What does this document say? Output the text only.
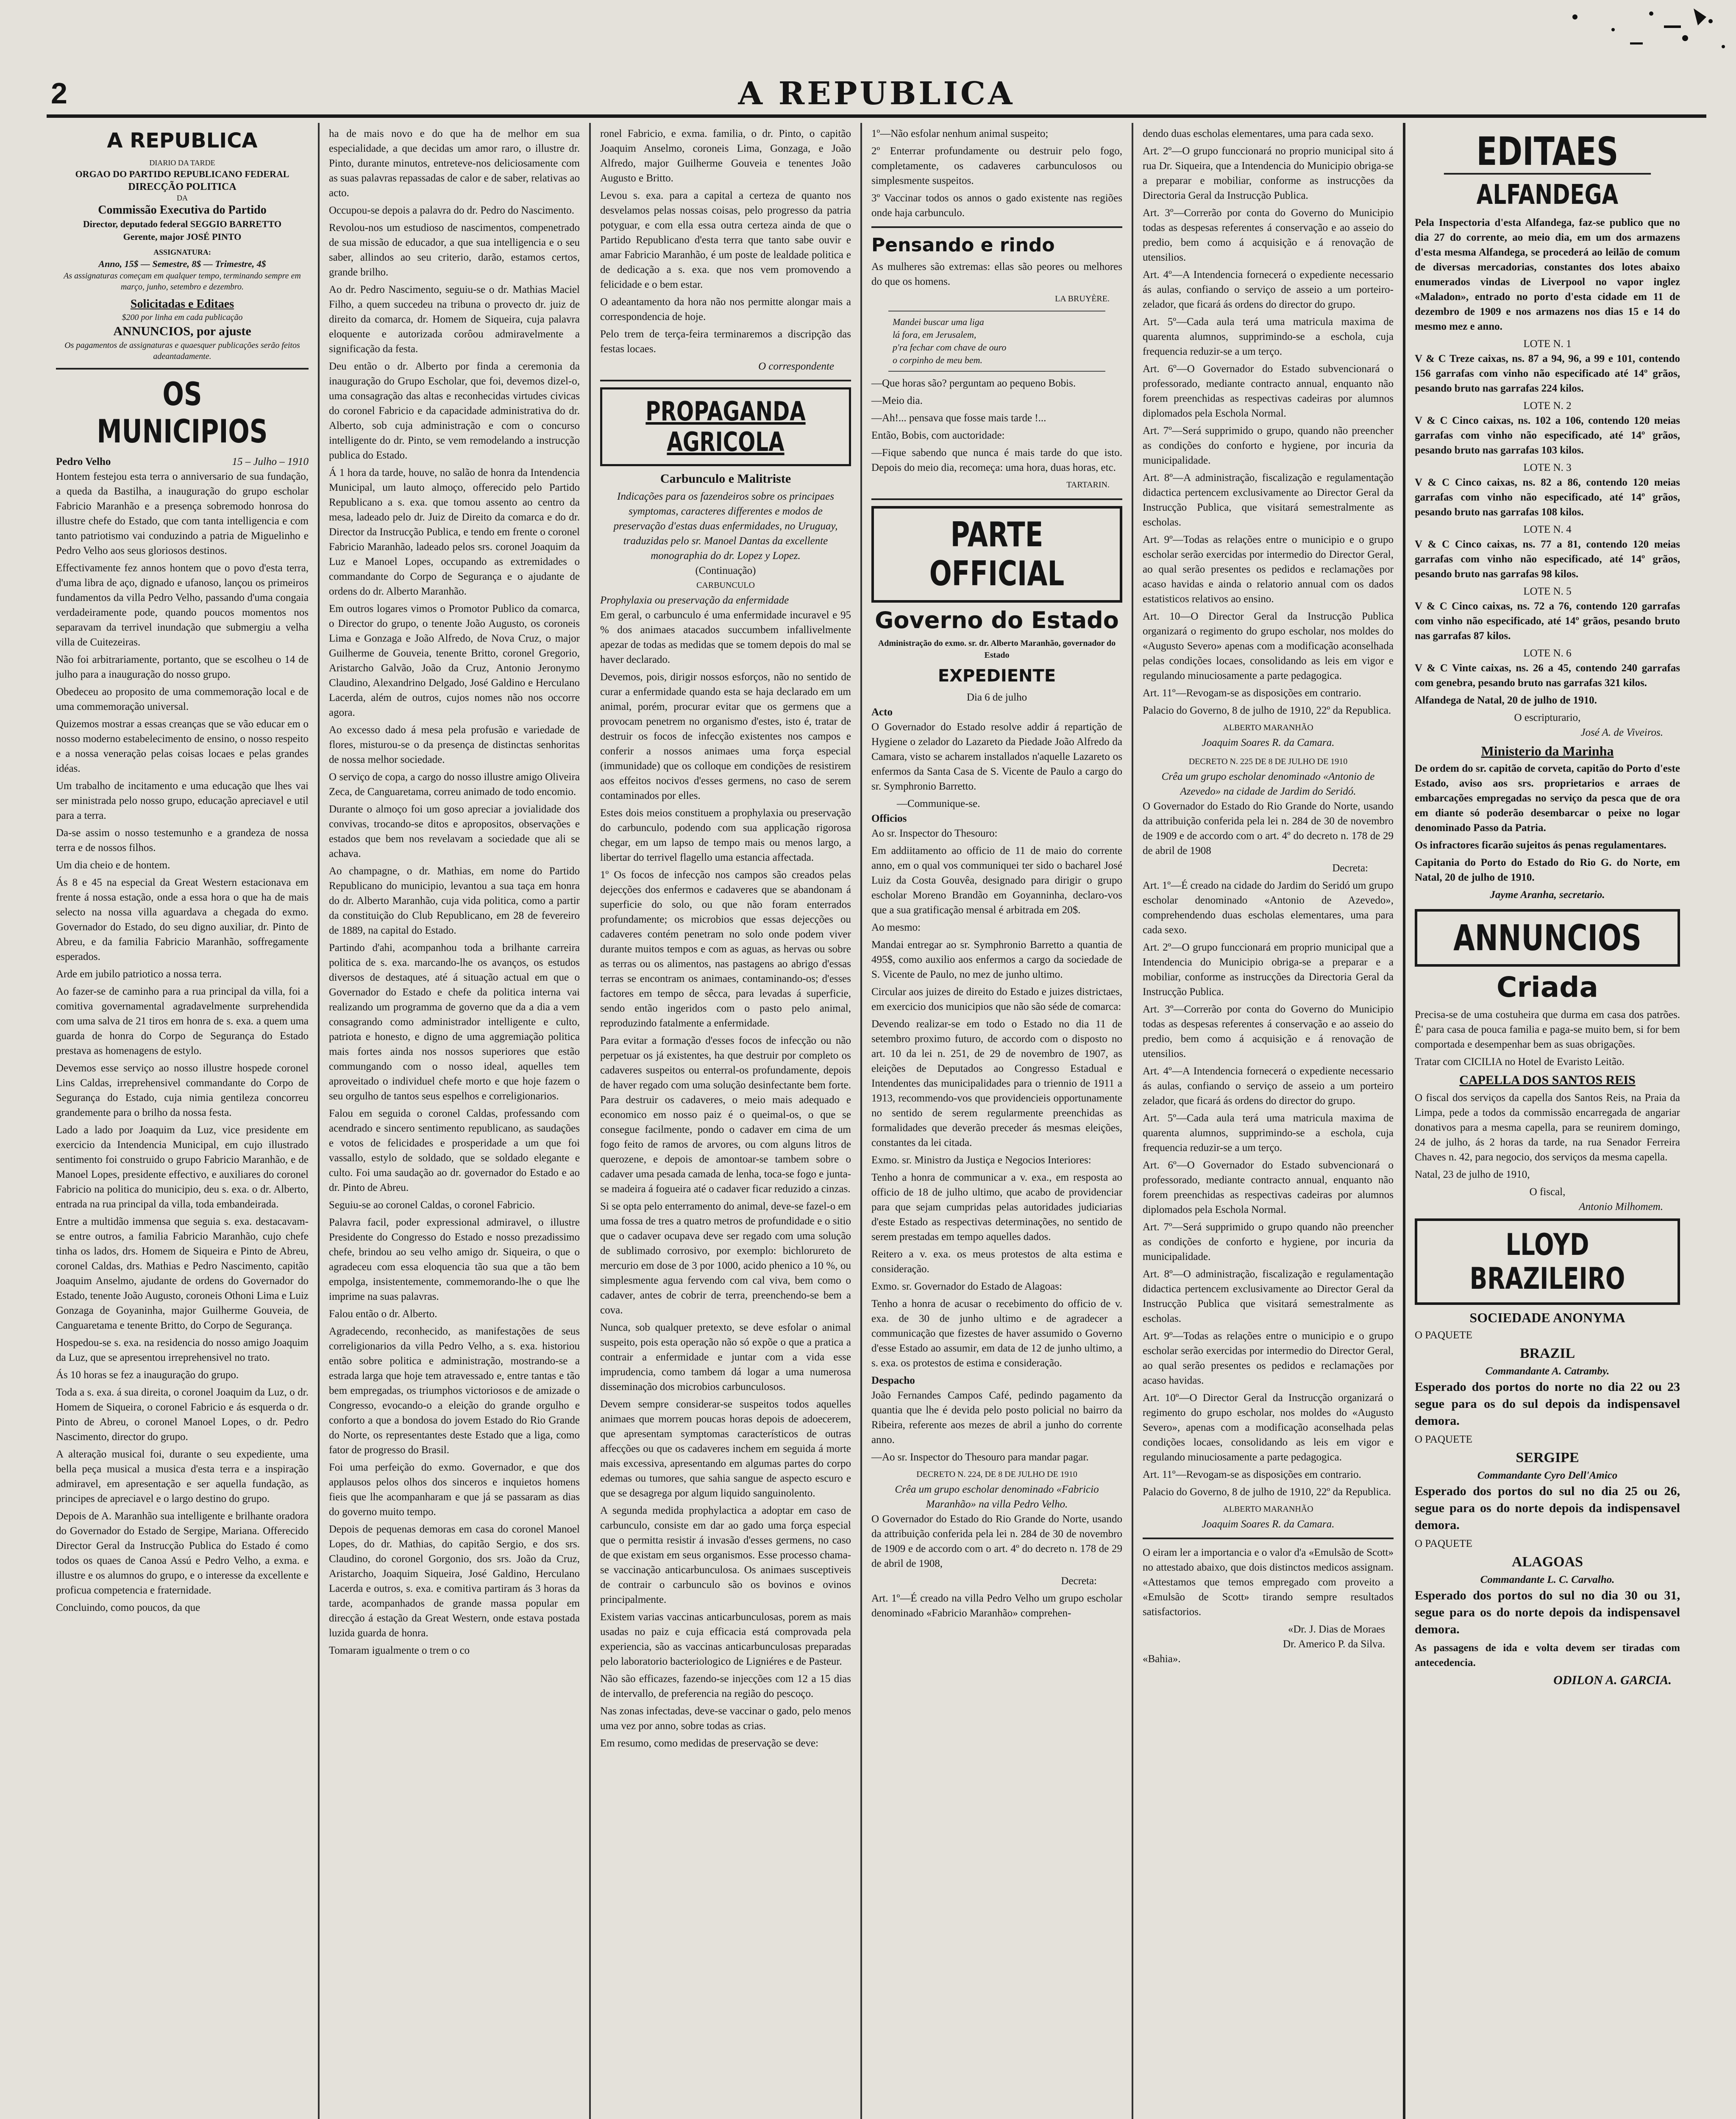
2	A REPUBLICA
A REPUBLICA
DIARIO DA TARDE
ORGAO DO PARTIDO REPUBLICANO FEDERAL
DIRECÇÃO POLITICA
DA
Commissão Executiva do Partido
Director, deputado federal SEGGIO BARRETTO
Gerente, major JOSÉ PINTO
ASSIGNATURA:
Anno, 15$ — Semestre, 8$ — Trimestre, 4$
As assignaturas começam em qualquer tempo, terminando sempre em março, junho, setembro e dezembro.
Solicitadas e Editaes
$200 por linha em cada publicação
ANNUNCIOS, por ajuste
Os pagamentos de assignaturas e quaesquer publicações serão feitos adeantadamente.
OS MUNICIPIOS
Pedro Velho	15 – Julho – 1910

Hontem festejou esta terra o anniversario de sua fundação, a queda da Bastilha, a inauguração do grupo escholar Fabricio Maranhão e a presença sobremodo honrosa do illustre chefe do Estado, que com tanta intelligencia e com tanto patriotismo vai conduzindo a patria de Miguelinho e Pedro Velho aos seus gloriosos destinos.

Effectivamente fez annos hontem que o povo d'esta terra, d'uma libra de aço, dignado e ufanoso, lançou os primeiros fundamentos da villa Pedro Velho, passando d'uma congaia verdadeiramente pode, quando poucos momentos nos separavam da terrivel inundação que submergiu a velha villa de Cuitezeiras.

Não foi arbitrariamente, portanto, que se escolheu o 14 de julho para a inauguração do nosso grupo.

Obedeceu ao proposito de uma commemoração local e de uma commemoração universal.

Quizemos mostrar a essas creanças que se vão educar em o nosso moderno estabelecimento de ensino, o nosso respeito e a nossa veneração pelas coisas locaes e pelas grandes idéas.

Um trabalho de incitamento e uma educação que lhes vai ser ministrada pelo nosso grupo, educação apreciavel e util para a terra.

Da-se assim o nosso testemunho e a grandeza de nossa terra e de nossos filhos.

Um dia cheio e de hontem.

Ás 8 e 45 na especial da Great Western estacionava em frente á nossa estação, onde a essa hora o que ha de mais selecto na nossa villa aguardava a chegada do exmo. Governador do Estado, do seu digno auxiliar, dr. Pinto de Abreu, e da familia Fabricio Maranhão, soffregamente esperados.

Arde em jubilo patriotico a nossa terra.

Ao fazer-se de caminho para a rua principal da villa, foi a comitiva governamental agradavelmente surprehendida com uma salva de 21 tiros em honra de s. exa. a quem uma guarda de honra do Corpo de Segurança do Estado prestava as homenagens de estylo.

Devemos esse serviço ao nosso illustre hospede coronel Lins Caldas, irreprehensivel commandante do Corpo de Segurança do Estado, cuja nimia gentileza concorreu grandemente para o brilho da nossa festa.

Lado a lado por Joaquim da Luz, vice presidente em exercicio da Intendencia Municipal, em cujo illustrado sentimento foi construido o grupo Fabricio Maranhão, e de Manoel Lopes, presidente effectivo, e auxiliares do coronel Fabricio na politica do municipio, deu s. exa. o dr. Alberto, entrada na rua principal da villa, toda embandeirada.

Entre a multidão immensa que seguia s. exa. destacavam-se entre outros, a familia Fabricio Maranhão, cujo chefe tinha os lados, drs. Homem de Siqueira e Pinto de Abreu, coronel Caldas, drs. Mathias e Pedro Nascimento, capitão Joaquim Anselmo, ajudante de ordens do Governador do Estado, tenente João Augusto, coroneis Othoni Lima e Luiz Gonzaga de Goyaninha, major Guilherme Gouveia, de Canguaretama e tenente Britto, do Corpo de Segurança.

Hospedou-se s. exa. na residencia do nosso amigo Joaquim da Luz, que se apresentou irreprehensivel no trato.

Ás 10 horas se fez a inauguração do grupo.

Toda a s. exa. á sua direita, o coronel Joaquim da Luz, o dr. Homem de Siqueira, o coronel Fabricio e ás esquerda o dr. Pinto de Abreu, o coronel Manoel Lopes, o dr. Pedro Nascimento, director do grupo.

A alteração musical foi, durante o seu expediente, uma bella peça musical a musica d'esta terra e a inspiração admiravel, em apresentação e ser aquella fundação, as principes de apreciavel e o largo destino do grupo.

Depois de A. Maranhão sua intelligente e brilhante oradora do Governador do Estado de Sergipe, Mariana. Offerecido Director Geral da Instrucção Publica do Estado é como todos os quaes de Canoa Assú e Pedro Velho, a exma. e illustre e os alumnos do grupo, e o interesse da excellente e proficua competencia e fraternidade.

Concluindo, como poucos, da que

ha de mais novo e do que ha de melhor em sua especialidade, a que decidas um amor raro, o illustre dr. Pinto, durante minutos, entreteve-nos deliciosamente com as suas palavras repassadas de calor e de saber, relativas ao acto.

Occupou-se depois a palavra do dr. Pedro do Nascimento.

Revolou-nos um estudioso de nascimentos, compenetrado de sua missão de educador, a que sua intelligencia e o seu saber, allindos ao seu criterio, darão, estamos certos, grande brilho.

Ao dr. Pedro Nascimento, seguiu-se o dr. Mathias Maciel Filho, a quem succedeu na tribuna o provecto dr. juiz de direito da comarca, dr. Homem de Siqueira, cuja palavra eloquente e autorizada corôou admiravelmente a significação da festa.

Deu então o dr. Alberto por finda a ceremonia da inauguração do Grupo Escholar, que foi, devemos dizel-o, uma consagração das altas e reconhecidas virtudes civicas do coronel Fabricio e da capacidade administrativa do dr. Alberto, sob cuja administração e com o concurso intelligente do dr. Pinto, se vem remodelando a instrucção publica do Estado.

Á 1 hora da tarde, houve, no salão de honra da Intendencia Municipal, um lauto almoço, offerecido pelo Partido Republicano a s. exa. que tomou assento ao centro da mesa, ladeado pelo dr. Juiz de Direito da comarca e do dr. Director da Instrucção Publica, e tendo em frente o coronel Fabricio Maranhão, ladeado pelos srs. coronel Joaquim da Luz e Manoel Lopes, occupando as extremidades o commandante do Corpo de Segurança e o ajudante de ordens do dr. Alberto Maranhão.

Em outros logares vimos o Promotor Publico da comarca, o Director do grupo, o tenente João Augusto, os coroneis Lima e Gonzaga e João Alfredo, de Nova Cruz, o major Guilherme de Gouveia, tenente Britto, coronel Gregorio, Aristarcho Galvão, João da Cruz, Antonio Jeronymo Claudino, Alexandrino Delgado, José Galdino e Herculano Lacerda, além de outros, cujos nomes não nos occorre agora.

Ao excesso dado á mesa pela profusão e variedade de flores, misturou-se o da presença de distinctas senhoritas de nossa melhor sociedade.

O serviço de copa, a cargo do nosso illustre amigo Oliveira Zeca, de Canguaretama, correu animado de todo encomio.

Durante o almoço foi um goso apreciar a jovialidade dos convivas, trocando-se ditos e apropositos, observações e estados que bem nos revelavam a sociedade que ali se achava.

Ao champagne, o dr. Mathias, em nome do Partido Republicano do municipio, levantou a sua taça em honra do dr. Alberto Maranhão, cuja vida politica, como a partir da constituição do Club Republicano, em 28 de fevereiro de 1889, na capital do Estado.

Partindo d'ahi, acompanhou toda a brilhante carreira politica de s. exa. marcando-lhe os avanços, os estudos diversos de destaques, até á situação actual em que o Governador do Estado e chefe da politica interna vai realizando um programma de governo que da a dia a vem consagrando como administrador intelligente e culto, patriota e honesto, e digno de uma aggremiação politica mais fortes ainda nos nossos superiores que estão commungando com o nosso ideal, aquelles tem aproveitado o individuel chefe morto e que hoje fazem o seu orgulho de tantos seus espelhos e correligionarios.

Falou em seguida o coronel Caldas, professando com acendrado e sincero sentimento republicano, as saudações e votos de felicidades e prosperidade a um que foi vassallo, estylo de soldado, que se soldado elegante e culto. Foi uma saudação ao dr. governador do Estado e ao dr. Pinto de Abreu.

Seguiu-se ao coronel Caldas, o coronel Fabricio.

Palavra facil, poder expressional admiravel, o illustre Presidente do Congresso do Estado e nosso prezadissimo chefe, brindou ao seu velho amigo dr. Siqueira, o que o agradeceu com essa eloquencia tão sua que a tão bem empolga, insistentemente, commemorando-lhe o que lhe imprime na suas palavras.

Falou então o dr. Alberto.

Agradecendo, reconhecido, as manifestações de seus correligionarios da villa Pedro Velho, a s. exa. historiou então sobre politica e administração, mostrando-se a estrada larga que hoje tem atravessado e, entre tantas e tão bem empregadas, os triumphos victoriosos e de amizade o Congresso, evocando-o a eleição do grande orgulho e conforto a que a bondosa do jovem Estado do Rio Grande do Norte, os representantes deste Estado que a liga, como fator de progresso do Brasil.

Foi uma perfeição do exmo. Governador, e que dos applausos pelos olhos dos sinceros e inquietos homens fieis que lhe acompanharam e que já se passaram as dias do governo muito tempo.

Depois de pequenas demoras em casa do coronel Manoel Lopes, do dr. Mathias, do capitão Sergio, e dos srs. Claudino, do coronel Gorgonio, dos srs. João da Cruz, Aristarcho, Joaquim Siqueira, José Galdino, Herculano Lacerda e outros, s. exa. e comitiva partiram ás 3 horas da tarde, acompanhados de grande massa popular em direcção á estação da Great Western, onde estava postada luzida guarda de honra.

Tomaram igualmente o trem o co

ronel Fabricio, e exma. familia, o dr. Pinto, o capitão Joaquim Anselmo, coroneis Lima, Gonzaga, e João Alfredo, major Guilherme Gouveia e tenentes João Augusto e Britto.

Levou s. exa. para a capital a certeza de quanto nos desvelamos pelas nossas coisas, pelo progresso da patria potyguar, e com ella essa outra certeza ainda de que o Partido Republicano d'esta terra que tanto sabe ouvir e amar Fabricio Maranhão, é um poste de lealdade politica e de dedicação a s. exa. que nos vem promovendo a felicidade e o bem estar.

O adeantamento da hora não nos permitte alongar mais a correspondencia de hoje.

Pelo trem de terça-feira terminaremos a discripção das festas locaes.

O correspondente
PROPAGANDA AGRICOLA
Carbunculo e Malitriste
Indicações para os fazendeiros sobre os principaes symptomas, caracteres differentes e modos de preservação d'estas duas enfermidades, no Uruguay, traduzidas pelo sr. Manoel Dantas da excellente monographia do dr. Lopez y Lopez.
(Continuação)
CARBUNCULO
Prophylaxia ou preservação da enfermidade

Em geral, o carbunculo é uma enfermidade incuravel e 95 % dos animaes atacados succumbem infallivelmente apezar de todas as medidas que se tomem depois do mal se haver declarado.

Devemos, pois, dirigir nossos esforços, não no sentido de curar a enfermidade quando esta se haja declarado em um animal, porém, procurar evitar que os germens que a provocam penetrem no organismo d'estes, isto é, tratar de destruir os focos de infecção existentes nos campos e conferir a nossos animaes uma força especial (immunidade) que os colloque em condições de resistirem aos effeitos nocivos d'esses germens, no caso de serem contaminados por elles.

Estes dois meios constituem a prophylaxia ou preservação do carbunculo, podendo com sua applicação rigorosa chegar, em um lapso de tempo mais ou menos largo, a libertar do terrivel flagello uma estancia affectada.

1º Os focos de infecção nos campos são creados pelas dejecções dos enfermos e cadaveres que se abandonam á superficie do solo, ou que não foram enterrados profundamente; os microbios que essas dejecções ou cadaveres contém penetram no solo onde podem viver durante muitos tempos e com as aguas, as hervas ou sobre as terras ou os alimentos, nas pastagens ao abrigo d'essas terras se encontram os animaes, contaminando-os; d'esses factores em tempo de sêcca, para levadas á superficie, sendo então ingeridos com o pasto pelo animal, reproduzindo fatalmente a enfermidade.

Para evitar a formação d'esses focos de infecção ou não perpetuar os já existentes, ha que destruir por completo os cadaveres suspeitos ou enterral-os profundamente, depois de haver regado com uma solução desinfectante bem forte. Para destruir os cadaveres, o meio mais adequado e economico em nosso paiz é o queimal-os, o que se consegue facilmente, pondo o cadaver em cima de um fogo feito de ramos de arvores, ou com alguns litros de querozene, e depois de amontoar-se tambem sobre o cadaver uma pesada camada de lenha, toca-se fogo e junta-se madeira á fogueira até o cadaver ficar reduzido a cinzas.

Si se opta pelo enterramento do animal, deve-se fazel-o em uma fossa de tres a quatro metros de profundidade e o sitio que o cadaver ocupava deve ser regado com uma solução de sublimado corrosivo, por exemplo: bichlorureto de mercurio em dose de 3 por 1000, acido phenico a 10 %, ou simplesmente agua fervendo com cal viva, bem como o cadaver, antes de cobrir de terra, preenchendo-se bem a cova.

Nunca, sob qualquer pretexto, se deve esfolar o animal suspeito, pois esta operação não só expõe o que a pratica a contrair a enfermidade e juntar com a vida esse imprudencia, como tambem dá logar a uma numerosa disseminação dos microbios carbunculosos.

Devem sempre considerar-se suspeitos todos aquelles animaes que morrem poucas horas depois de adoecerem, que apresentam symptomas característicos de outras affecções ou que os cadaveres inchem em seguida á morte mais excessiva, apresentando em algumas partes do corpo edemas ou tumores, que sahia sangue de aspecto escuro e que se desagrega por algum liquido sanguinolento.

A segunda medida prophylactica a adoptar em caso de carbunculo, consiste em dar ao gado uma força especial que o permitta resistir á invasão d'esses germens, no caso de que existam em seus organismos. Esse processo chama-se vaccinação anticarbunculosa. Os animaes susceptiveis de contrair o carbunculo são os bovinos e ovinos principalmente.

Existem varias vaccinas anticarbunculosas, porem as mais usadas no paiz e cuja efficacia está comprovada pela experiencia, são as vaccinas anticarbunculosas preparadas pelo laboratorio bacteriologico de Ligniéres e de Pasteur.

Não são efficazes, fazendo-se injecções com 12 a 15 dias de intervallo, de preferencia na região do pescoço.

Nas zonas infectadas, deve-se vaccinar o gado, pelo menos uma vez por anno, sobre todas as crias.

Em resumo, como medidas de preservação se deve:

1º—Não esfolar nenhum animal suspeito;

2º Enterrar profundamente ou destruir pelo fogo, completamente, os cadaveres carbunculosos ou simplesmente suspeitos.

3º Vaccinar todos os annos o gado existente nas regiões onde haja carbunculo.

Pensando e rindo

As mulheres são extremas: ellas são peores ou melhores do que os homens.

LA BRUYÈRE.

Mandei buscar uma liga
lá fora, em Jerusalem,
p'ra fechar com chave de ouro
o corpinho de meu bem.

—Que horas são? perguntam ao pequeno Bobis.

—Meio dia.

—Ah!... pensava que fosse mais tarde !...

Então, Bobis, com auctoridade:

—Fique sabendo que nunca é mais tarde do que isto. Depois do meio dia, recomeça: uma hora, duas horas, etc.

TARTARIN.
PARTE OFFICIAL
Governo do Estado
Administração do exmo. sr. dr. Alberto Maranhão, governador do Estado
EXPEDIENTE
Dia 6 de julho
Acto

O Governador do Estado resolve addir á repartição de Hygiene o zelador do Lazareto da Piedade João Alfredo da Camara, visto se acharem installados n'aquelle Lazareto os enfermos da Santa Casa de S. Vicente de Paulo a cargo do sr. Symphronio Barretto.

—Communique-se.
Officios

Ao sr. Inspector do Thesouro:

Em addiitamento ao officio de 11 de maio do corrente anno, em o qual vos communiquei ter sido o bacharel José Luiz da Costa Gouvêa, designado para dirigir o grupo escholar Moreno Brandão em Goyanninha, declaro-vos que a sua gratificação mensal é arbitrada em 20$.

Ao mesmo:

Mandai entregar ao sr. Symphronio Barretto a quantia de 495$, como auxilio aos enfermos a cargo da sociedade de S. Vicente de Paulo, no mez de junho ultimo.

Circular aos juizes de direito do Estado e juizes districtaes, em exercicio dos municipios que não são séde de comarca:

Devendo realizar-se em todo o Estado no dia 11 de setembro proximo futuro, de accordo com o disposto no art. 10 da lei n. 251, de 29 de novembro de 1907, as eleições de Deputados ao Congresso Estadual e Intendentes das municipalidades para o triennio de 1911 a 1913, recommendo-vos que providencieis opportunamente no sentido de serem regularmente preenchidas as formalidades que deverão preceder ás mesmas eleições, constantes da lei citada.

Exmo. sr. Ministro da Justiça e Negocios Interiores:

Tenho a honra de communicar a v. exa., em resposta ao officio de 18 de julho ultimo, que acabo de providenciar para que sejam cumpridas pelas autoridades judiciarias d'este Estado as respectivas determinações, no sentido de serem prestadas em tempo aquelles dados.

Reitero a v. exa. os meus protestos de alta estima e consideração.

Exmo. sr. Governador do Estado de Alagoas:

Tenho a honra de acusar o recebimento do officio de v. exa. de 30 de junho ultimo e de agradecer a communicação que fizestes de haver assumido o Governo d'esse Estado ao assumir, em data de 12 de junho ultimo, a s. exa. os protestos de estima e consideração.

Despacho

João Fernandes Campos Café, pedindo pagamento da quantia que lhe é devida pelo posto policial no bairro da Ribeira, referente aos mezes de abril a junho do corrente anno.

—Ao sr. Inspector do Thesouro para mandar pagar.

DECRETO N. 224, DE 8 DE JULHO DE 1910
Crêa um grupo escholar denominado «Fabricio Maranhão» na villa Pedro Velho.

O Governador do Estado do Rio Grande do Norte, usando da attribuição conferida pela lei n. 284 de 30 de novembro de 1909 e de accordo com o art. 4º do decreto n. 178 de 29 de abril de 1908,

Decreta:

Art. 1º—É creado na villa Pedro Velho um grupo escholar denominado «Fabricio Maranhão» comprehen-

dendo duas escholas elementares, uma para cada sexo.

Art. 2º—O grupo funccionará no proprio municipal sito á rua Dr. Siqueira, que a Intendencia do Municipio obriga-se a preparar e mobiliar, conforme as instrucções da Directoria Geral da Instrucção Publica.

Art. 3º—Correrão por conta do Governo do Municipio todas as despesas referentes á conservação e ao asseio do predio, bem como á acquisição e á renovação de utensilios.

Art. 4º—A Intendencia fornecerá o expediente necessario ás aulas, confiando o serviço de asseio a um porteiro-zelador, que ficará ás ordens do director do grupo.

Art. 5º—Cada aula terá uma matricula maxima de quarenta alumnos, supprimindo-se a eschola, cuja frequencia reduzir-se a um terço.

Art. 6º—O Governador do Estado subvencionará o professorado, mediante contracto annual, enquanto não forem preenchidas as respectivas cadeiras por alumnos diplomados pela Eschola Normal.

Art. 7º—Será supprimido o grupo, quando não preencher as condições do conforto e hygiene, por incuria da municipalidade.

Art. 8º—A administração, fiscalização e regulamentação didactica pertencem exclusivamente ao Director Geral da Instrucção Publica, que visitará semestralmente as escholas.

Art. 9º—Todas as relações entre o municipio e o grupo escholar serão exercidas por intermedio do Director Geral, ao qual serão presentes os pedidos e reclamações por acaso havidas e ainda o relatorio annual com os dados estatisticos relativos ao ensino.

Art. 10—O Director Geral da Instrucção Publica organizará o regimento do grupo escholar, nos moldes do «Augusto Severo» apenas com a modificação aconselhada pelas condições locaes, consolidando as leis em vigor e regulando minuciosamente a parte pedagogica.

Art. 11º—Revogam-se as disposições em contrario.

Palacio do Governo, 8 de julho de 1910, 22º da Republica.

ALBERTO MARANHÃO
Joaquim Soares R. da Camara.
DECRETO N. 225 DE 8 DE JULHO DE 1910
Crêa um grupo escholar denominado «Antonio de Azevedo» na cidade de Jardim do Seridó.

O Governador do Estado do Rio Grande do Norte, usando da attribuição conferida pela lei n. 284 de 30 de novembro de 1909 e de accordo com o art. 4º do decreto n. 178 de 29 de abril de 1908

Decreta:

Art. 1º—É creado na cidade do Jardim do Seridó um grupo escholar denominado «Antonio de Azevedo», comprehendendo duas escholas elementares, uma para cada sexo.

Art. 2º—O grupo funccionará em proprio municipal que a Intendencia do Municipio obriga-se a preparar e a mobiliar, conforme as instrucções da Directoria Geral da Instrucção Publica.

Art. 3º—Correrão por conta do Governo do Municipio todas as despesas referentes á conservação e ao asseio do predio, bem como á acquisição e á renovação de utensilios.

Art. 4º—A Intendencia fornecerá o expediente necessario ás aulas, confiando o serviço de asseio a um porteiro zelador, que ficará ás ordens do director do grupo.

Art. 5º—Cada aula terá uma matricula maxima de quarenta alumnos, supprimindo-se a eschola, cuja frequencia reduzir-se a um terço.

Art. 6º—O Governador do Estado subvencionará o professorado, mediante contracto annual, enquanto não forem preenchidas as respectivas cadeiras por alumnos diplomados pela Eschola Normal.

Art. 7º—Será supprimido o grupo quando não preencher as condições de conforto e hygiene, por incuria da municipalidade.

Art. 8º—O administração, fiscalização e regulamentação didactica pertencem exclusivamente ao Director Geral da Instrucção Publica que visitará semestralmente as escholas.

Art. 9º—Todas as relações entre o municipio e o grupo escholar serão exercidas por intermedio do Director Geral, ao qual serão presentes os pedidos e reclamações por acaso havidas.

Art. 10º—O Director Geral da Instrucção organizará o regimento do grupo escholar, nos moldes do «Augusto Severo», apenas com a modificação aconselhada pelas condições locaes, consolidando as leis em vigor e regulando minuciosamente a parte pedagogica.

Art. 11º—Revogam-se as disposições em contrario.

Palacio do Governo, 8 de julho de 1910, 22º da Republica.

ALBERTO MARANHÃO
Joaquim Soares R. da Camara.

O eiram ler a importancia e o valor d'a «Emulsão de Scott» no attestado abaixo, que dois distinctos medicos assignam. «Attestamos que temos empregado com proveito a «Emulsão de Scott» tirando sempre resultados satisfactorios.

«Dr. J. Dias de Moraes
Dr. Americo P. da Silva.
«Bahia».
EDITAES
ALFANDEGA

Pela Inspectoria d'esta Alfandega, faz-se publico que no dia 27 do corrente, ao meio dia, em um dos armazens d'esta mesma Alfandega, se procederá ao leilão de comum de diversas mercadorias, constantes dos lotes abaixo enumerados vindas de Liverpool no vapor inglez «Maladon», entrado no porto d'esta cidade em 11 de dezembro de 1909 e nos armazens nos dias 15 e 14 do mesmo mez e anno.

LOTE N. 1

V & C Treze caixas, ns. 87 a 94, 96, a 99 e 101, contendo 156 garrafas com vinho não especificado até 14º grãos, pesando bruto nas garrafas 224 kilos.

LOTE N. 2

V & C Cinco caixas, ns. 102 a 106, contendo 120 meias garrafas com vinho não especificado, até 14º grãos, pesando bruto nas garrafas 103 kilos.

LOTE N. 3

V & C Cinco caixas, ns. 82 a 86, contendo 120 meias garrafas com vinho não especificado, até 14º grãos, pesando bruto nas garrafas 108 kilos.

LOTE N. 4

V & C Cinco caixas, ns. 77 a 81, contendo 120 meias garrafas com vinho não especificado, até 14º grãos, pesando bruto nas garrafas 98 kilos.

LOTE N. 5

V & C Cinco caixas, ns. 72 a 76, contendo 120 garrafas com vinho não especificado, até 14º grãos, pesando bruto nas garrafas 87 kilos.

LOTE N. 6

V & C Vinte caixas, ns. 26 a 45, contendo 240 garrafas com genebra, pesando bruto nas garrafas 321 kilos.

Alfandega de Natal, 20 de julho de 1910.

O escripturario,
José A. de Viveiros.
Ministerio da Marinha

De ordem do sr. capitão de corveta, capitão do Porto d'este Estado, aviso aos srs. proprietarios e arraes de embarcações empregadas no serviço da pesca que de ora em diante só poderão desembarcar o peixe no logar denominado Passo da Patria.

Os infractores ficarão sujeitos ás penas regulamentares.

Capitania do Porto do Estado do Rio G. do Norte, em Natal, 20 de julho de 1910.

Jayme Aranha, secretario.
ANNUNCIOS
Criada

Precisa-se de uma costuheira que durma em casa dos patrões. Ê' para casa de pouca familia e paga-se muito bem, si for bem comportada e desempenhar bem as suas obrigações.

Tratar com CICILIA no Hotel de Evaristo Leitão.

CAPELLA DOS SANTOS REIS

O fiscal dos serviços da capella dos Santos Reis, na Praia da Limpa, pede a todos da commissão encarregada de angariar donativos para a mesma capella, para se reunirem domingo, 24 de julho, ás 2 horas da tarde, na rua Senador Ferreira Chaves n. 42, para negocio, dos serviços da mesma capella.

Natal, 23 de julho de 1910,

O fiscal,
Antonio Milhomem.
LLOYD BRAZILEIRO
SOCIEDADE ANONYMA
O PAQUETE
BRAZIL
Commandante A. Catramby.

Esperado dos portos do norte no dia 22 ou 23 segue para os do sul depois da indispensavel demora.

O PAQUETE
SERGIPE
Commandante Cyro Dell'Amico

Esperado dos portos do sul no dia 25 ou 26, segue para os do norte depois da indispensavel demora.

O PAQUETE
ALAGOAS
Commandante L. C. Carvalho.

Esperado dos portos do sul no dia 30 ou 31, segue para os do norte depois da indispensavel demora.

As passagens de ida e volta devem ser tiradas com antecedencia.

ODILON A. GARCIA.
